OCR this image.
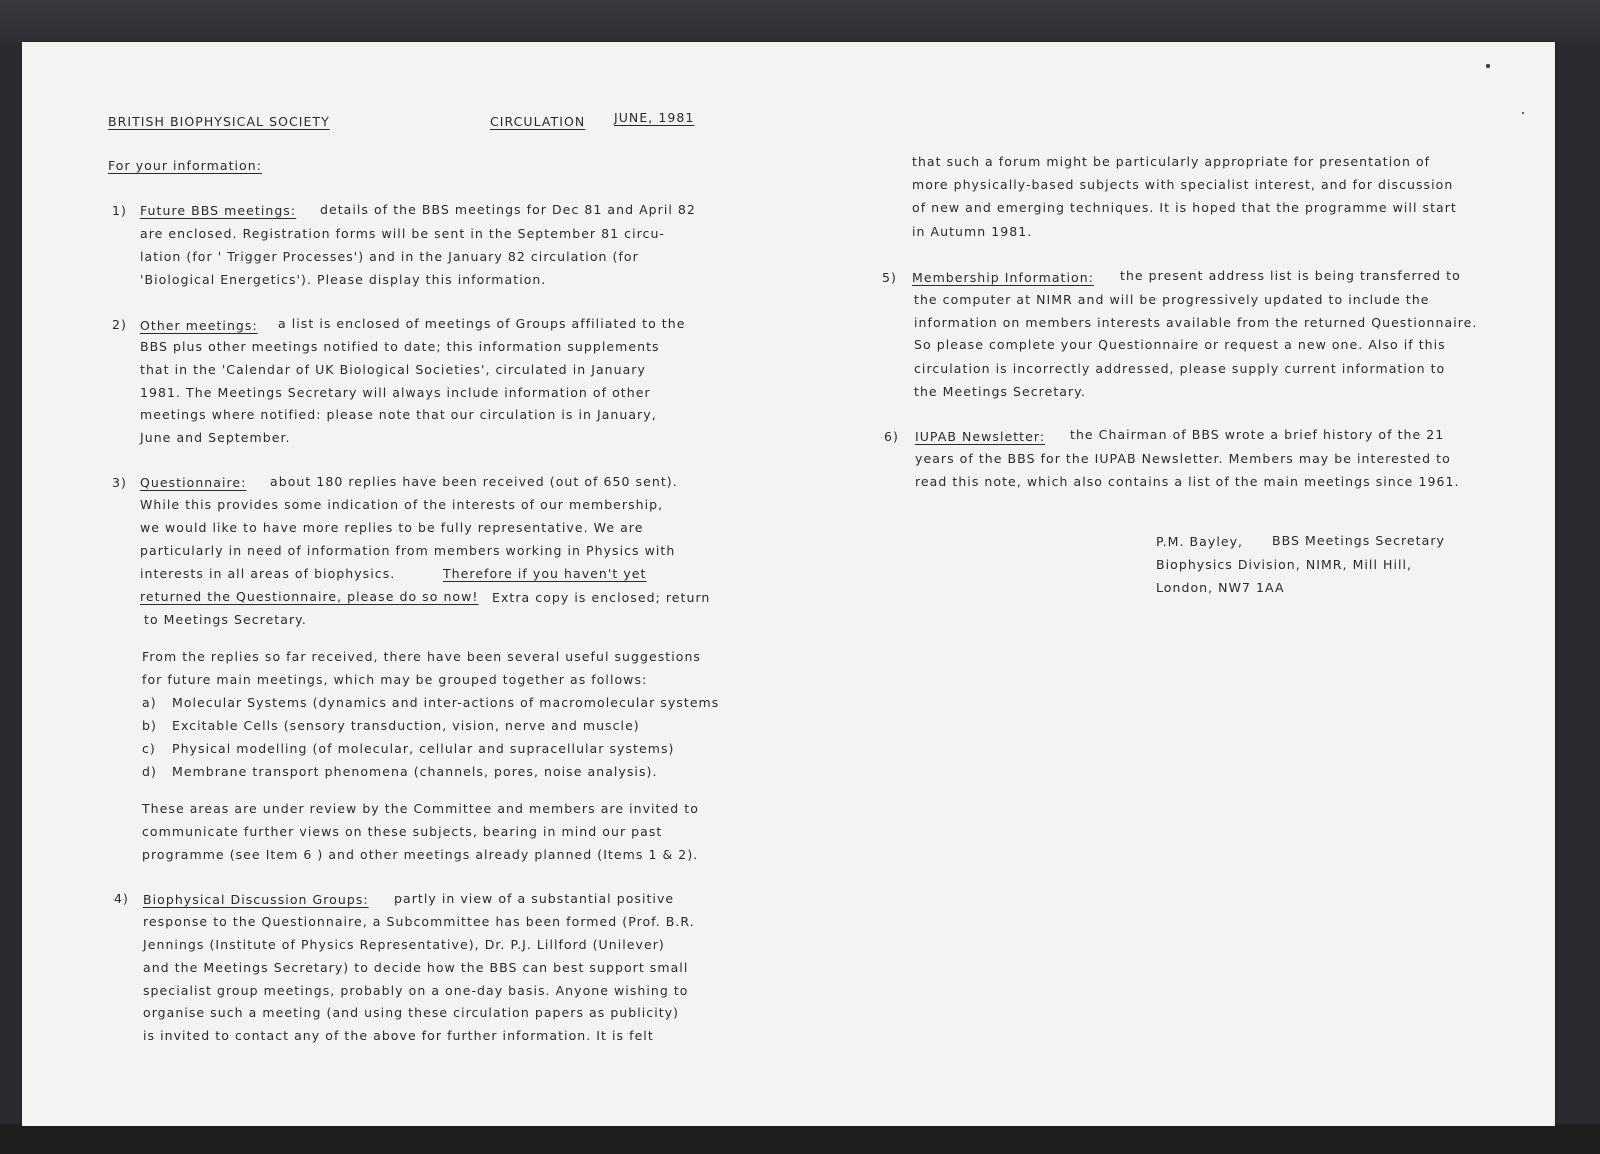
BRITISH BIOPHYSICAL SOCIETY	CIRCULATION JUNE, 1981
For your information:
1) Future BBS meetings: details of the BBS meetings for Dec 81 and April 82
are enclosed. Registration forms will be sent in the September 81 circu-
lation (for ' Trigger Processes') and in the January 82 circulation (for
'Biological Energetics'). Please display this information.
2) Other meetings: a list is enclosed of meetings of Groups affiliated to the
BBS plus other meetings notified to date; this information supplements
that in the 'Calendar of UK Biological Societies', circulated in January
1981. The Meetings Secretary will always include information of other
meetings where notified: please note that our circulation is in January,
June and September.
3) Questionnaire: about 180 replies have been received (out of 650 sent).
While this provides some indication of the interests of our membership,
we would like to have more replies to be fully representative. We are
particularly in need of information from members working in Physics with
interests in all areas of biophysics.	Therefore if you haven't yet
returned the Questionnaire, please do so now! Extra copy is enclosed; return
to Meetings Secretary.
From the replies so far received, there have been several useful suggestions
for future main meetings, which may be grouped together as follows:
a) Molecular Systems (dynamics and inter-actions of macromolecular systems
b) Excitable Cells (sensory transduction, vision, nerve and muscle)
c) Physical modelling (of molecular, cellular and supracellular systems)
d) Membrane transport phenomena (channels, pores, noise analysis).
These areas are under review by the Committee and members are invited to
communicate further views on these subjects, bearing in mind our past
programme (see Item 6 ) and other meetings already planned (Items 1 & 2).
4) Biophysical Discussion Groups: partly in view of a substantial positive
response to the Questionnaire, a Subcommittee has been formed (Prof. B.R.
Jennings (Institute of Physics Representative), Dr. P.J. Lillford (Unilever)
and the Meetings Secretary) to decide how the BBS can best support small
specialist group meetings, probably on a one-day basis. Anyone wishing to
organise such a meeting (and using these circulation papers as publicity)
is invited to contact any of the above for further information. It is felt
that such a forum might be particularly appropriate for presentation of
more physically-based subjects with specialist interest, and for discussion
of new and emerging techniques. It is hoped that the programme will start
in Autumn 1981.
5) Membership Information: the present address list is being transferred to
the computer at NIMR and will be progressively updated to include the
information on members interests available from the returned Questionnaire.
So please complete your Questionnaire or request a new one. Also if this
circulation is incorrectly addressed, please supply current information to
the Meetings Secretary.
6) IUPAB Newsletter: the Chairman of BBS wrote a brief history of the 21
years of the BBS for the IUPAB Newsletter. Members may be interested to
read this note, which also contains a list of the main meetings since 1961.
P.M. Bayley, BBS Meetings Secretary
Biophysics Division, NIMR, Mill Hill,
London, NW7 1AA
